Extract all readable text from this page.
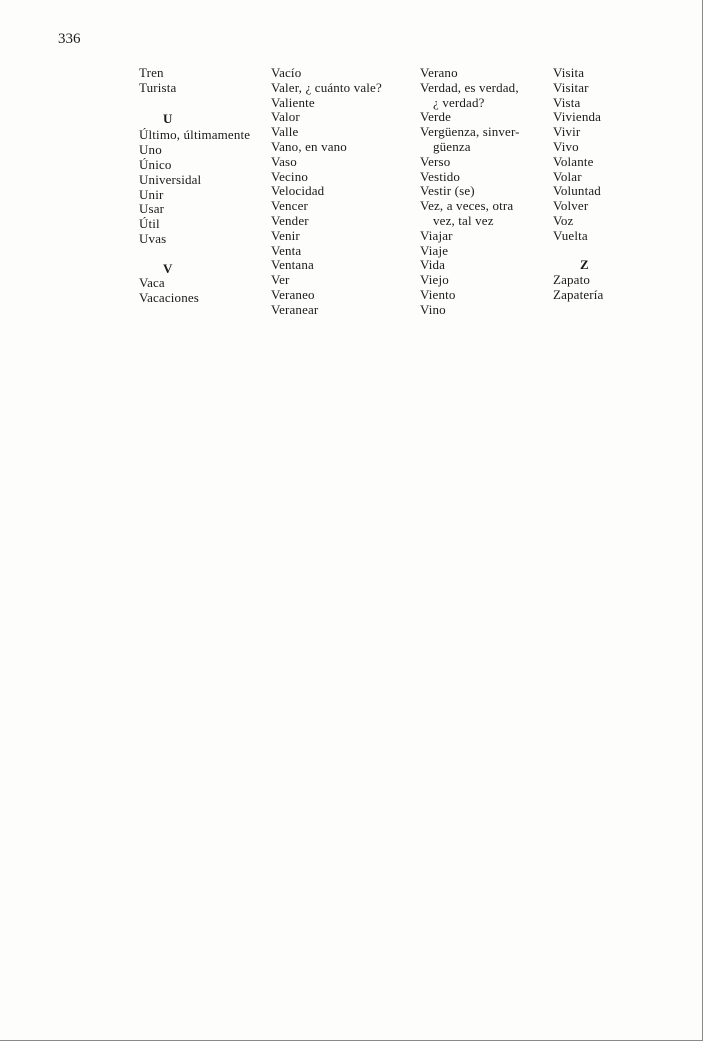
336
Tren
Turista
U
Último, últimamente
Uno
Único
Universidal
Unir
Usar
Útil
Uvas
V
Vaca
Vacaciones
Vacío
Valer, ¿ cuánto vale?
Valiente
Valor
Valle
Vano, en vano
Vaso
Vecino
Velocidad
Vencer
Vender
Venir
Venta
Ventana
Ver
Veraneo
Veranear
Verano
Verdad, es verdad,
¿ verdad?
Verde
Vergüenza, sinver-
güenza
Verso
Vestido
Vestir (se)
Vez, a veces, otra
vez, tal vez
Viajar
Viaje
Vida
Viejo
Viento
Vino
Visita
Visitar
Vista
Vivienda
Vivir
Vivo
Volante
Volar
Voluntad
Volver
Voz
Vuelta
Z
Zapato
Zapatería
